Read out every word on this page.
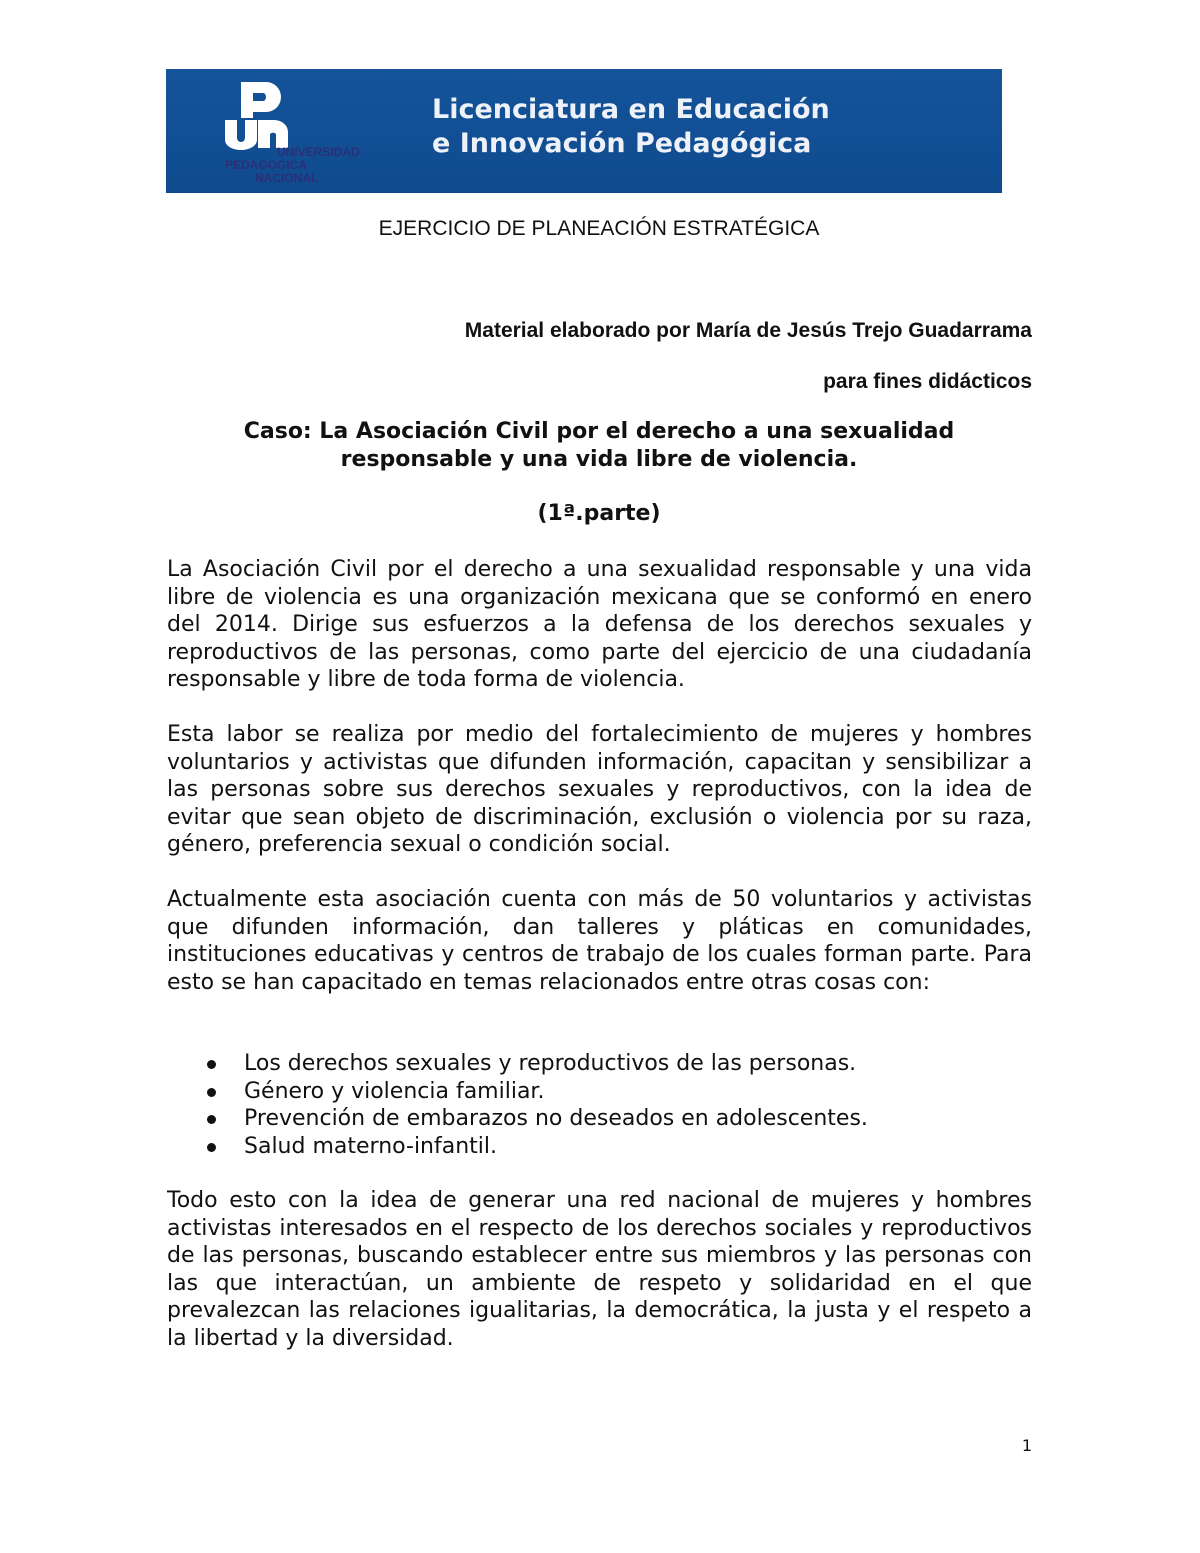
UNIVERSIDAD
PEDAGOGICA
NACIONAL
Licenciatura en Educación
e Innovación Pedagógica
EJERCICIO DE PLANEACIÓN ESTRATÉGICA
Material elaborado por María de Jesús Trejo Guadarrama
para fines didácticos
Caso: La Asociación Civil por el derecho a una sexualidad
responsable y una vida libre de violencia.
(1ª.parte)

La Asociación Civil por el derecho a una sexualidad responsable y una vida libre de violencia es una organización mexicana que se conformó en enero del 2014. Dirige sus esfuerzos a la defensa de los derechos sexuales y reproductivos de las personas, como parte del ejercicio de una ciudadanía responsable y libre de toda forma de violencia.

Esta labor se realiza por medio del fortalecimiento de mujeres y hombres voluntarios y activistas que difunden información, capacitan y sensibilizar a las personas sobre sus derechos sexuales y reproductivos, con la idea de evitar que sean objeto de discriminación, exclusión o violencia por su raza, género, preferencia sexual o condición social.

Actualmente esta asociación cuenta con más de 50 voluntarios y activistas que difunden información, dan talleres y pláticas en comunidades, instituciones educativas y centros de trabajo de los cuales forman parte. Para esto se han capacitado en temas relacionados entre otras cosas con:

Los derechos sexuales y reproductivos de las personas.
Género y violencia familiar.
Prevención de embarazos no deseados en adolescentes.
Salud materno-infantil.

Todo esto con la idea de generar una red nacional de mujeres y hombres activistas interesados en el respecto de los derechos sociales y reproductivos de las personas, buscando establecer entre sus miembros y las personas con las que interactúan, un ambiente de respeto y solidaridad en el que prevalezcan las relaciones igualitarias, la democrática, la justa y el respeto a la libertad y la diversidad.

1
